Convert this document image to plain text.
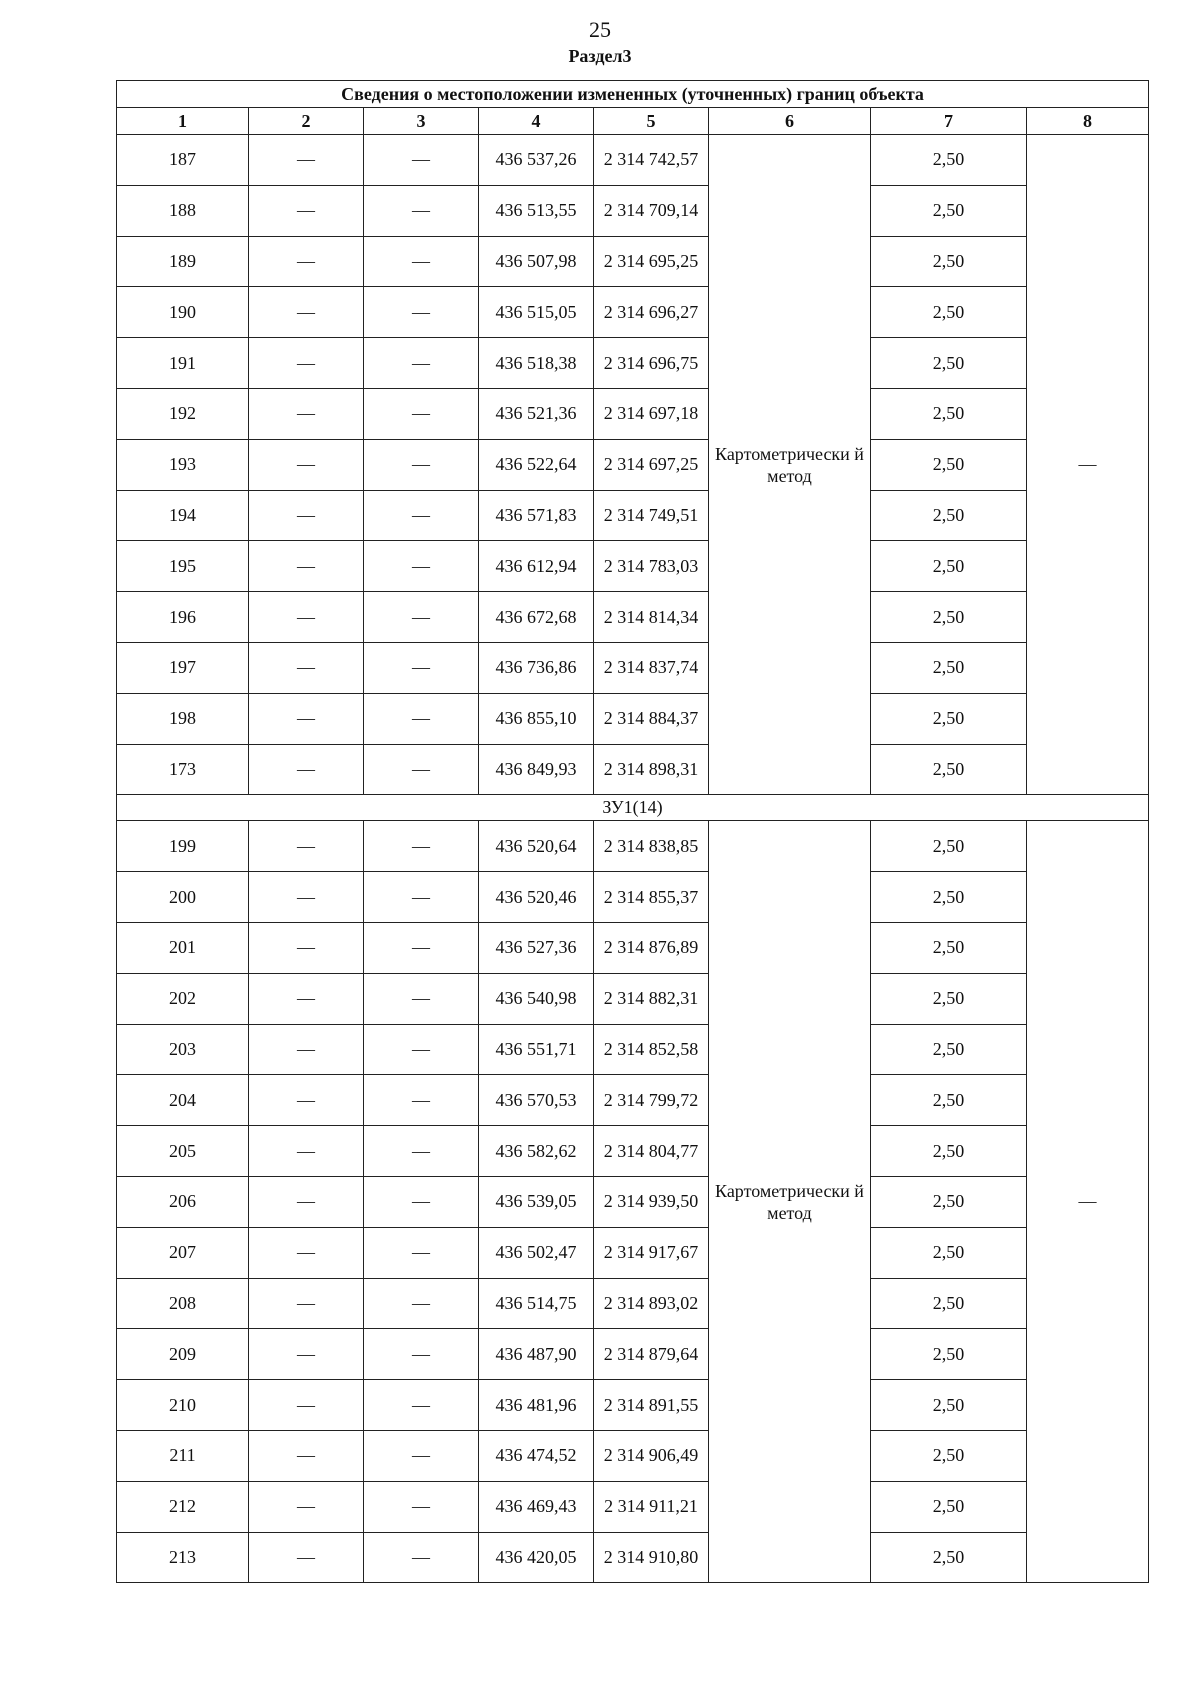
25
Раздел3
Сведения о местоположении измененных (уточненных) границ объекта							
1	2	3	4	5	6	7	8
187	—	—	436 537,26	2 314 742,57	Картометрически й метод	2,50	—
188	—	—	436 513,55	2 314 709,14		2,50	
189	—	—	436 507,98	2 314 695,25		2,50	
190	—	—	436 515,05	2 314 696,27		2,50	
191	—	—	436 518,38	2 314 696,75		2,50	
192	—	—	436 521,36	2 314 697,18		2,50	
193	—	—	436 522,64	2 314 697,25		2,50	
194	—	—	436 571,83	2 314 749,51		2,50	
195	—	—	436 612,94	2 314 783,03		2,50	
196	—	—	436 672,68	2 314 814,34		2,50	
197	—	—	436 736,86	2 314 837,74		2,50	
198	—	—	436 855,10	2 314 884,37		2,50	
173	—	—	436 849,93	2 314 898,31		2,50	
ЗУ1(14)							
199	—	—	436 520,64	2 314 838,85	Картометрически й метод	2,50	—
200	—	—	436 520,46	2 314 855,37		2,50	
201	—	—	436 527,36	2 314 876,89		2,50	
202	—	—	436 540,98	2 314 882,31		2,50	
203	—	—	436 551,71	2 314 852,58		2,50	
204	—	—	436 570,53	2 314 799,72		2,50	
205	—	—	436 582,62	2 314 804,77		2,50	
206	—	—	436 539,05	2 314 939,50		2,50	
207	—	—	436 502,47	2 314 917,67		2,50	
208	—	—	436 514,75	2 314 893,02		2,50	
209	—	—	436 487,90	2 314 879,64		2,50	
210	—	—	436 481,96	2 314 891,55		2,50	
211	—	—	436 474,52	2 314 906,49		2,50	
212	—	—	436 469,43	2 314 911,21		2,50	
213	—	—	436 420,05	2 314 910,80		2,50	
